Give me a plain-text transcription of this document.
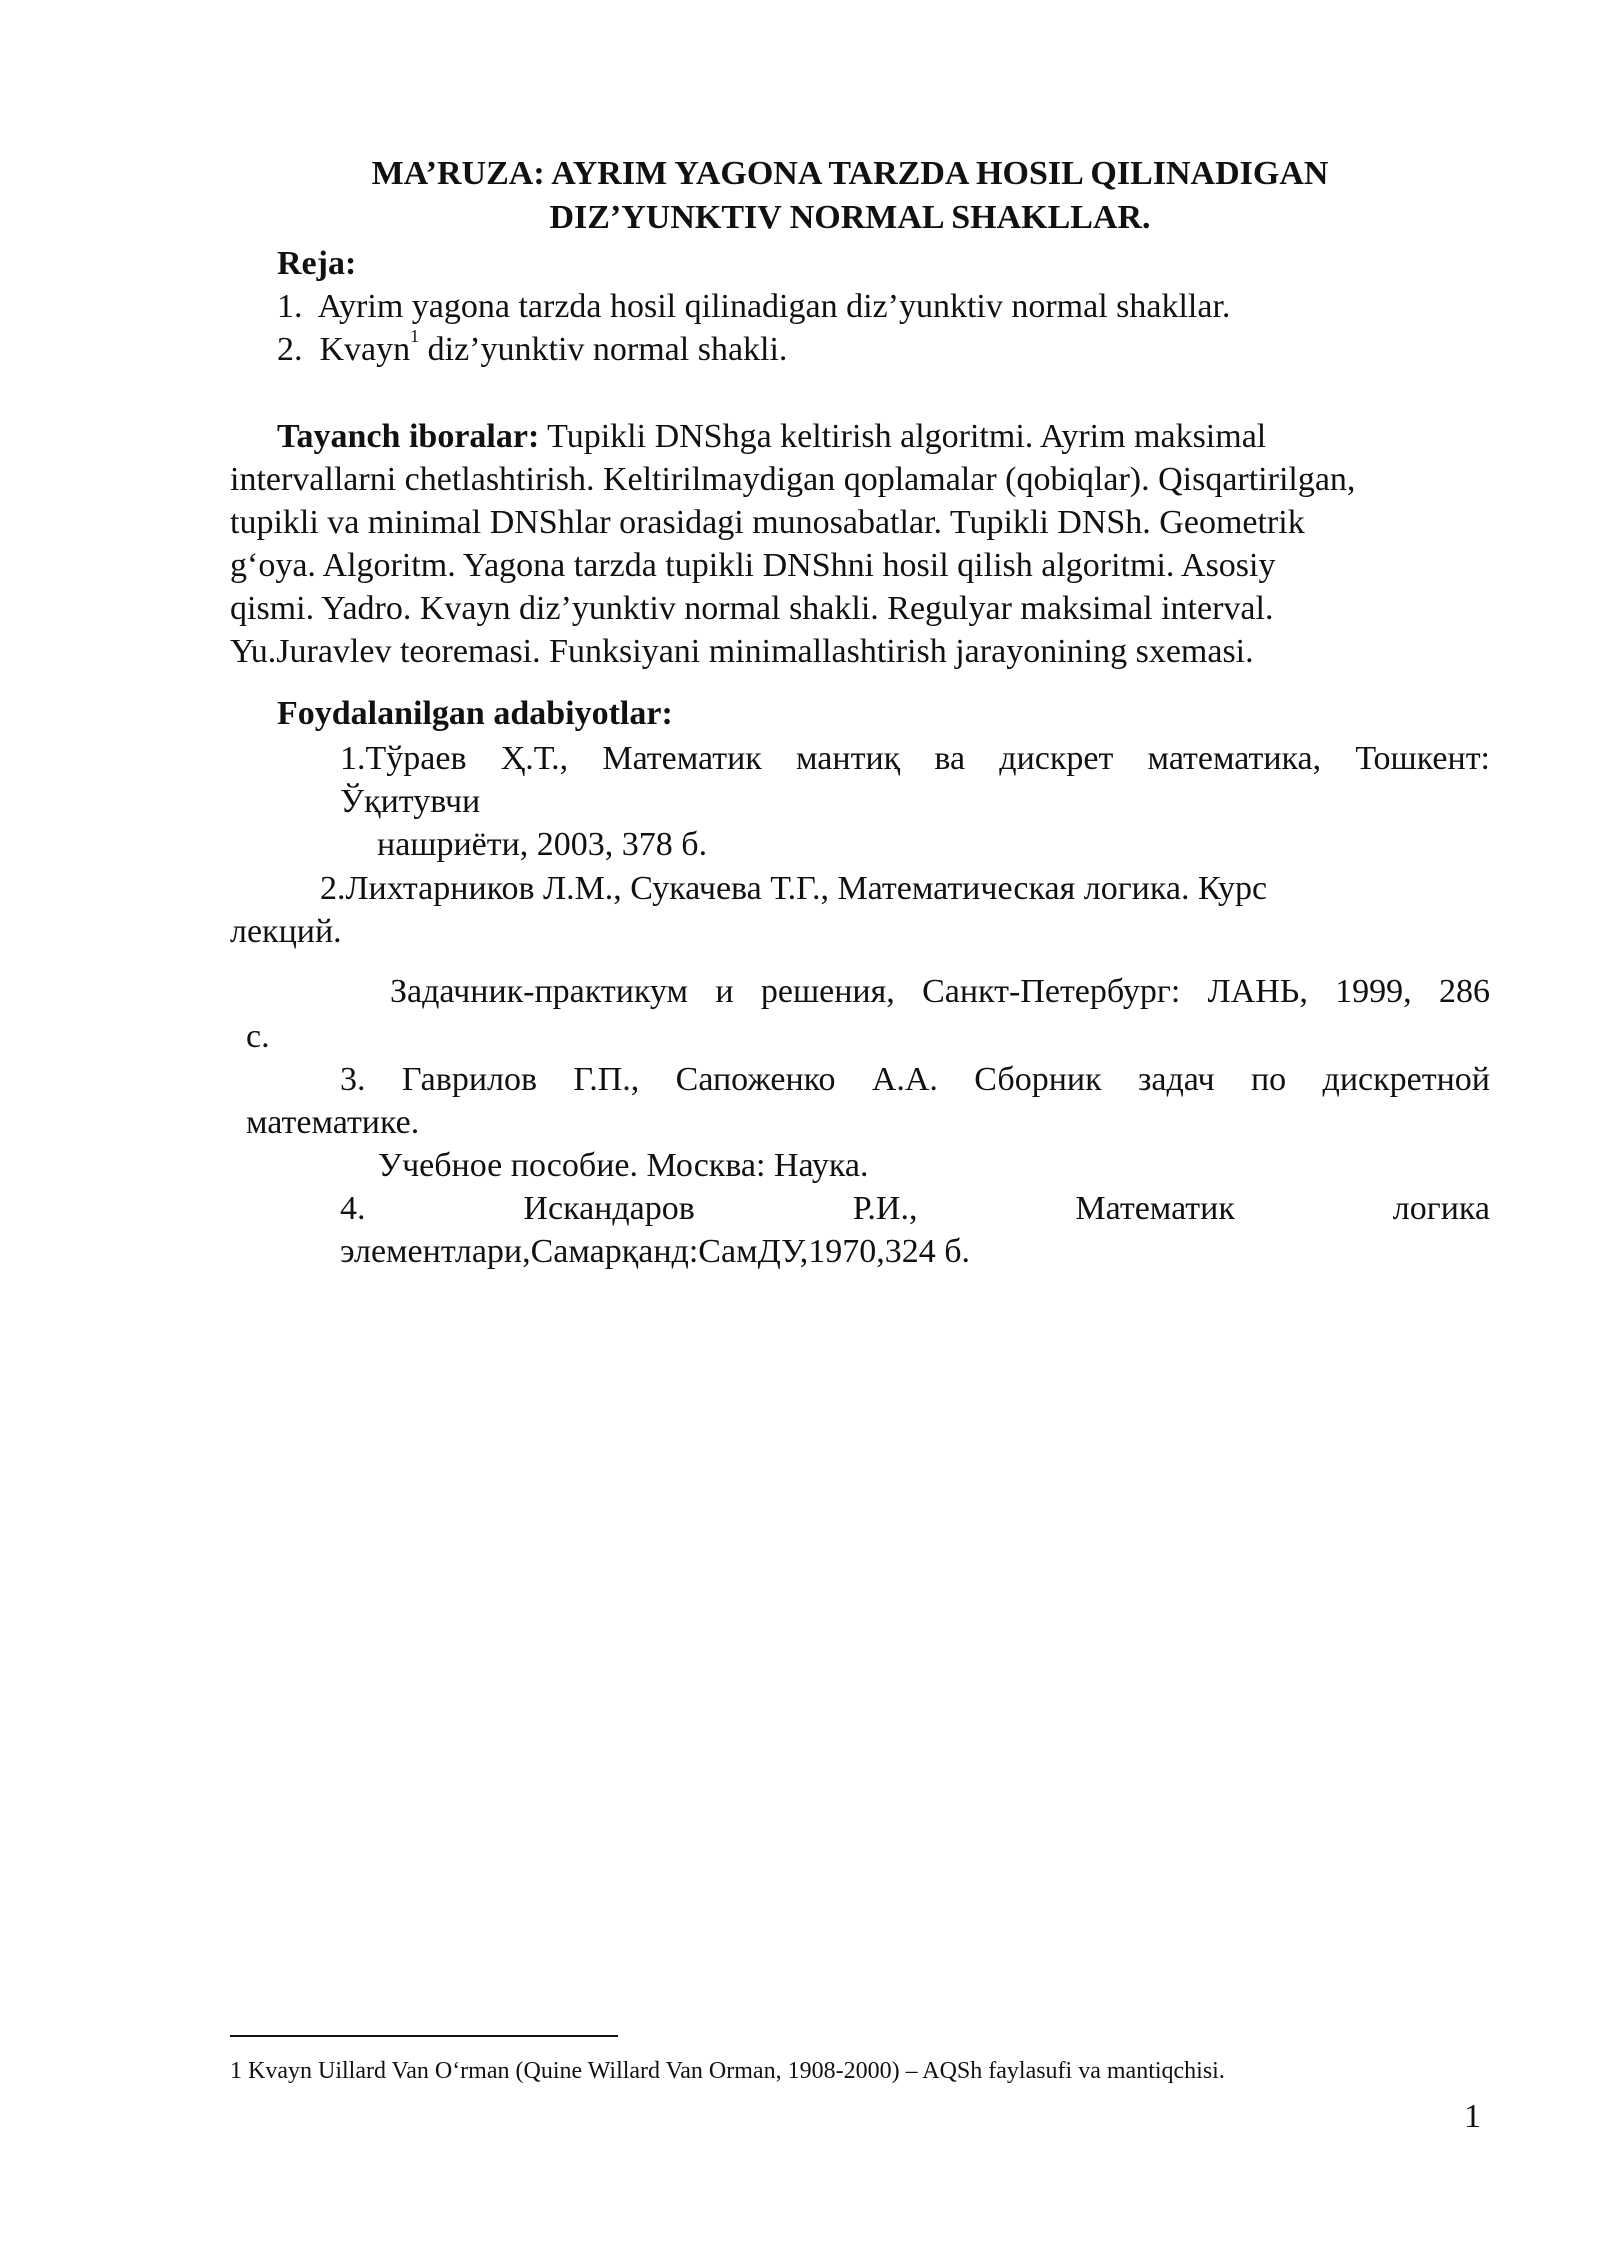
MA’RUZA: AYRIM YAGONA TARZDA HOSIL QILINADIGAN
DIZ’YUNKTIV NORMAL SHAKLLAR.
Reja:
1. Ayrim yagona tarzda hosil qilinadigan diz’yunktiv normal shakllar.
2. Kvayn$^1$ diz’yunktiv normal shakli.
Tayanch iboralar: Tupikli DNShga keltirish algoritmi. Ayrim maksimal
intervallarni chetlashtirish. Keltirilmaydigan qoplamalar (qobiqlar). Qisqartirilgan,
tupikli va minimal DNShlar orasidagi munosabatlar. Tupikli DNSh. Geometrik
g‘oya. Algoritm. Yagona tarzda tupikli DNShni hosil qilish algoritmi. Asosiy
qismi. Yadro. Kvayn diz’yunktiv normal shakli. Regulyar maksimal interval.
Yu.Juravlev teoremasi. Funksiyani minimallashtirish jarayonining sxemasi.
Foydalanilgan adabiyotlar:
1.Тўраев Ҳ.Т., Математик мантиқ ва дискрет математика, Тошкент:
Ўқитувчи
нашриёти, 2003, 378 б.
2.Лихтарников Л.М., Сукачева Т.Г., Математическая логика. Курс
лекций.
Задачник-практикум и решения, Санкт-Петербург: ЛАНЬ, 1999, 286
с.
3. Гаврилов Г.П., Сапоженко А.А. Сборник задач по дискретной
математике.
Учебное пособие. Москва: Наука.
4. Искандаров Р.И., Математик логика
элементлари,Самарқанд:СамДУ,1970,324 б.
1 Kvayn Uillard Van O‘rman (Quine Willard Van Orman, 1908-2000) – AQSh faylasufi va mantiqchisi.
1
